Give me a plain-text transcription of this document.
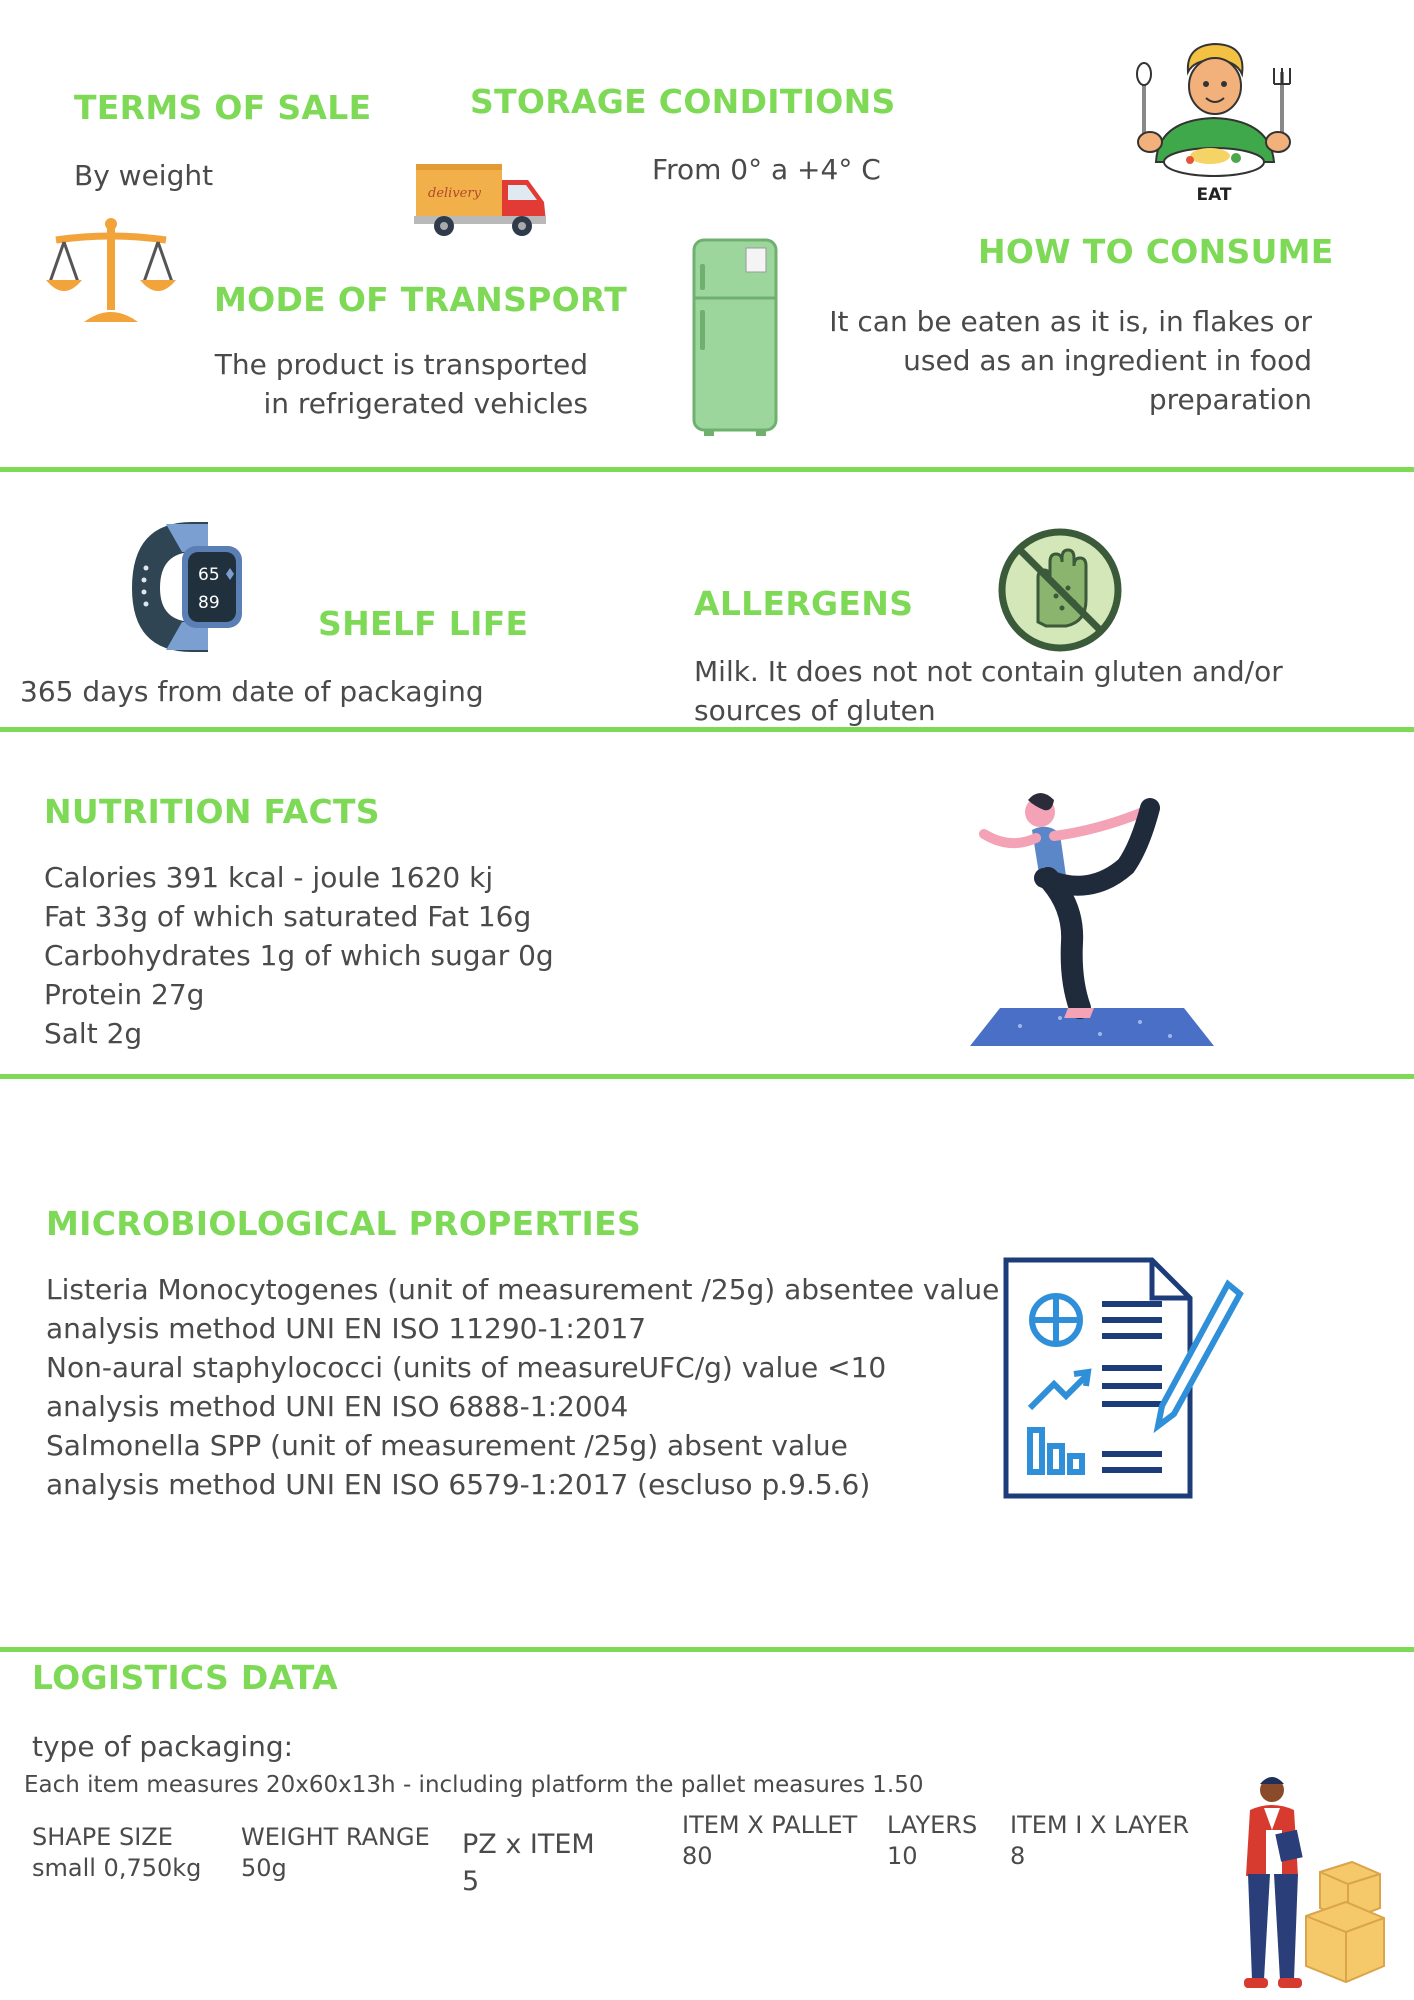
TERMS OF SALE
By weight
STORAGE CONDITIONS
From 0° a +4° C
delivery	EAT
MODE OF TRANSPORT
The product is transported
in refrigerated vehicles
HOW TO CONSUME
It can be eaten as it is, in flakes or
used as an ingredient in food
preparation
65
89
SHELF LIFE
365 days from date of packaging
ALLERGENS
Milk. It does not not contain gluten and/or
sources of gluten
NUTRITION FACTS
Calories 391 kcal - joule 1620 kj
Fat 33g of which saturated Fat 16g
Carbohydrates 1g of which sugar 0g
Protein 27g
Salt 2g
MICROBIOLOGICAL PROPERTIES
Listeria Monocytogenes (unit of measurement /25g) absentee value
analysis method UNI EN ISO 11290-1:2017
Non-aural staphylococci (units of measureUFC/g) value <10
analysis method UNI EN ISO 6888-1:2004
Salmonella SPP (unit of measurement /25g) absent value
analysis method UNI EN ISO 6579-1:2017 (escluso p.9.5.6)
LOGISTICS DATA
type of packaging:
Each item measures 20x60x13h - including platform the pallet measures 1.50
SHAPE SIZE
small 0,750kg
WEIGHT RANGE
50g
PZ x ITEM
5
ITEM X PALLET
80
LAYERS
10
ITEM I X LAYER
8
